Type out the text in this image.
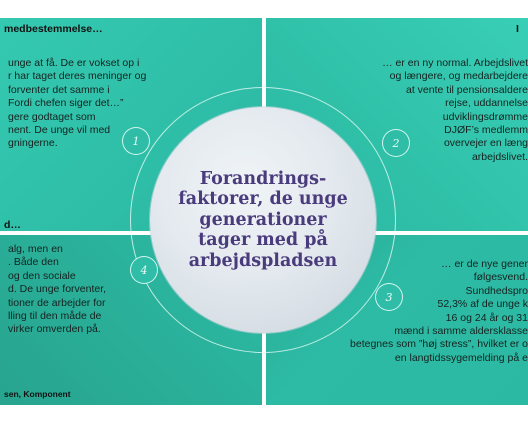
medbestemmelse…
unge at få. De er vokset op i
r har taget deres meninger og
forventer det samme i
Fordi chefen siger det…”
gere godtaget som
nent. De unge vil med
gningerne.
I
… er en ny normal. Arbejdslivet
og længere, og medarbejdere
at vente til pensionsaldere
rejse, uddannelse
udviklingsdrømme
DJØF’s medlemm
overvejer en læng
arbejdslivet.
… er de nye gener
følgesvend.
Sundhedspro
52,3% af de unge k
16 og 24 år og 31
mænd i samme aldersklasse
betegnes som ”høj stress”, hvilket er o
en langtidssygemelding på e
d…
alg, men en
. Både den
og den sociale
d. De unge forventer,
tioner de arbejder for
lling til den måde de
virker omverden på.
1	2
3
4

Forandrings-
faktorer, de unge
generationer
tager med på
arbejdspladsen

sen, Komponent
